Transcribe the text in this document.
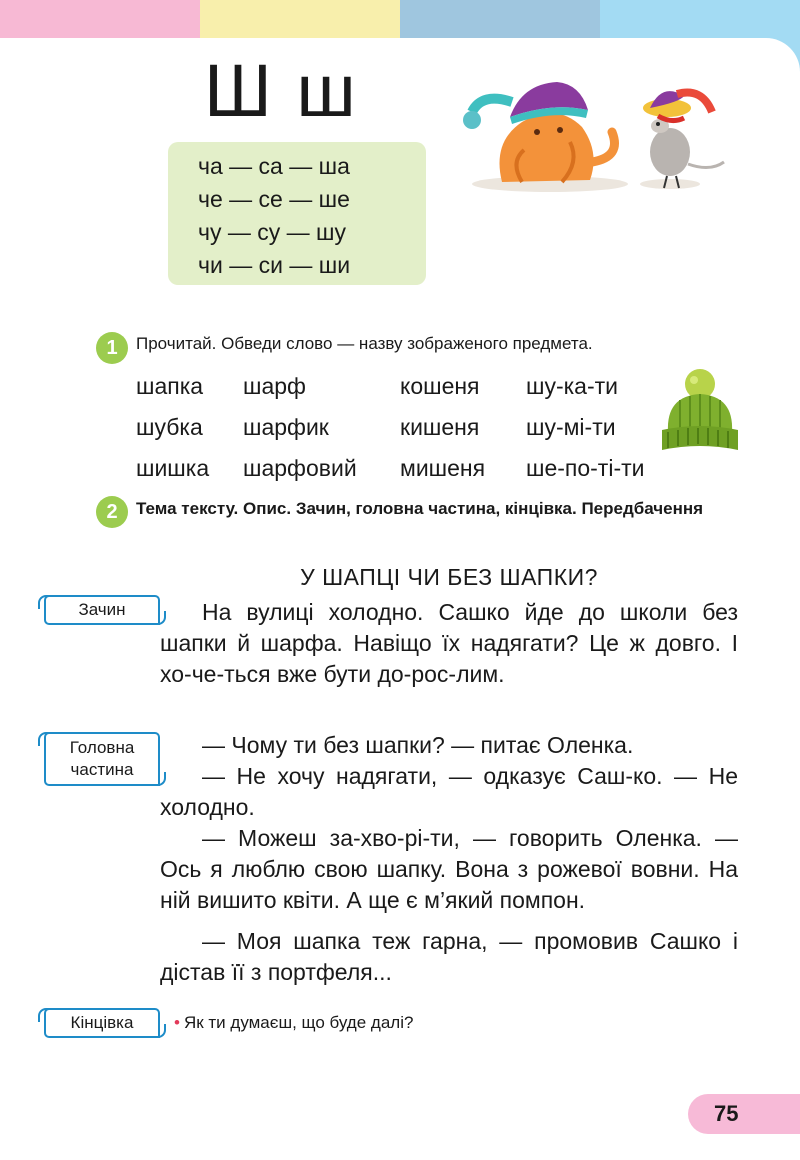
Ш ш
ча — са — ша
че — се — ше
чу — су — шу
чи — си — ши
1	Прочитай. Обведи слово — назву зображеного предмета.
шапка	шарф	кошеня	шу-ка-ти
шубка	шарфик	кишеня	шу-мі-ти
шишка	шарфовий	мишеня	ше-по-ті-ти
2	Тема тексту. Опис. Зачин, головна частина, кінцівка. Передбачення
У ШАПЦІ ЧИ БЕЗ ШАПКИ?
Зачин	На вулиці холодно. Сашко йде до школи без шапки й шарфа. Навіщо їх надягати? Це ж довго. І хо-че-ться вже бути до-рос-лим.

Головна
частина

— Чому ти без шапки? — питає Оленка.

— Не хочу надягати, — одказує Саш-ко. — Не холодно.

— Можеш за-хво-рі-ти, — говорить Оленка. — Ось я люблю свою шапку. Вона з рожевої вовни. На ній вишито квіти. А ще є м’який помпон.

— Моя шапка теж гарна, — промовив Сашко і дістав її з портфеля...

Кінцівка	• Як ти думаєш, що буде далі?
75
